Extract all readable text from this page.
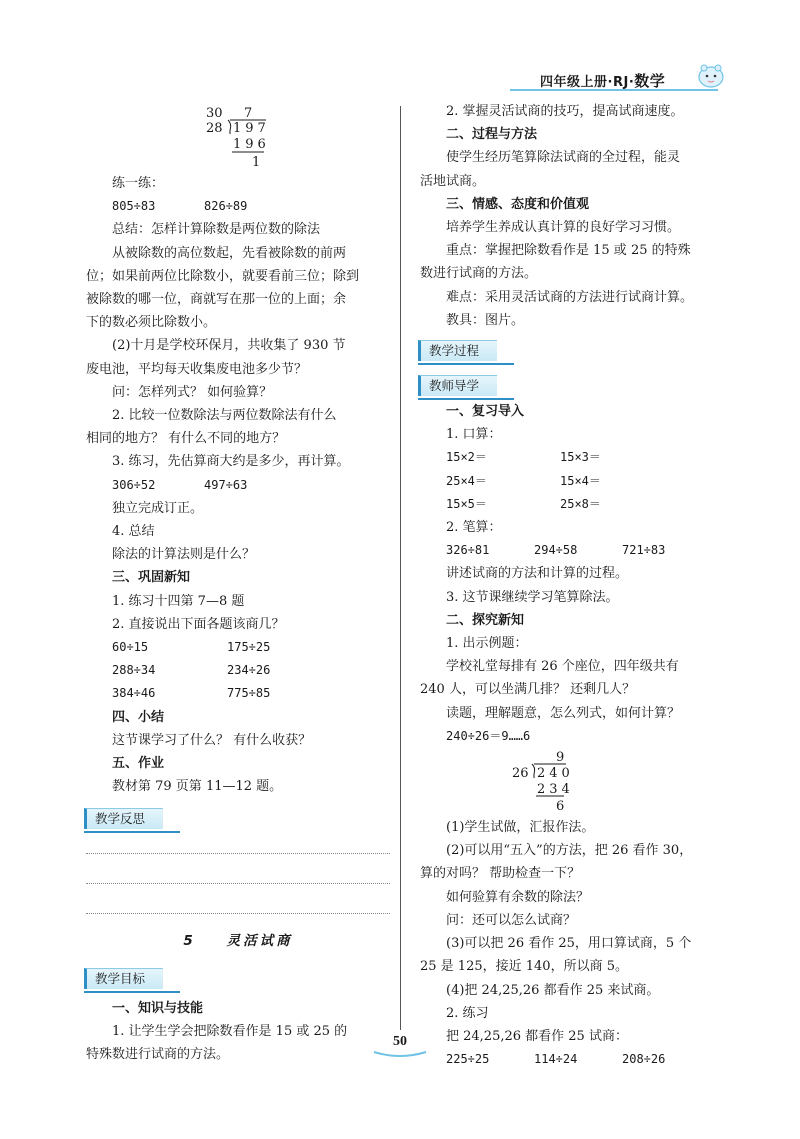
四年级上册·RJ·数学
30 7
28 197
196
1
练一练：
805÷83	826÷89
总结：怎样计算除数是两位数的除法
从被除数的高位数起，先看被除数的前两
位；如果前两位比除数小，就要看前三位；除到
被除数的哪一位，商就写在那一位的上面；余
下的数必须比除数小。
(2)十月是学校环保月，共收集了 930 节
废电池，平均每天收集废电池多少节？
问：怎样列式？ 如何验算？
2. 比较一位数除法与两位数除法有什么
相同的地方？ 有什么不同的地方？
3. 练习，先估算商大约是多少，再计算。
306÷52	497÷63
独立完成订正。
4. 总结
除法的计算法则是什么？
三、巩固新知
1. 练习十四第 7—8 题
2. 直接说出下面各题该商几？
60÷15	175÷25
288÷34	234÷26
384÷46	775÷85
四、小结
这节课学习了什么？ 有什么收获？
五、作业
教材第 79 页第 11—12 题。
教学反思
5 灵活试商
教学目标
一、知识与技能
1. 让学生学会把除数看作是 15 或 25 的
特殊数进行试商的方法。
2. 掌握灵活试商的技巧，提高试商速度。
二、过程与方法
使学生经历笔算除法试商的全过程，能灵
活地试商。
三、情感、态度和价值观
培养学生养成认真计算的良好学习习惯。
重点：掌握把除数看作是 15 或 25 的特殊
数进行试商的方法。
难点：采用灵活试商的方法进行试商计算。
教具：图片。
教学过程
教师导学
一、复习导入
1. 口算：
15×2＝	15×3＝
25×4＝	15×4＝
15×5＝	25×8＝
2. 笔算：
326÷81	294÷58	721÷83
讲述试商的方法和计算的过程。
3. 这节课继续学习笔算除法。
二、探究新知
1. 出示例题：
学校礼堂每排有 26 个座位，四年级共有
240 人，可以坐满几排？ 还剩几人？
读题，理解题意，怎么列式，如何计算？
240÷26＝9……6
9
26 240
234
6
(1)学生试做，汇报作法。
(2)可以用“五入”的方法，把 26 看作 30，
算的对吗？ 帮助检查一下？
如何验算有余数的除法？
问：还可以怎么试商？
(3)可以把 26 看作 25，用口算试商，5 个
25 是 125，接近 140，所以商 5。
(4)把 24,25,26 都看作 25 来试商。
2. 练习
把 24,25,26 都看作 25 试商：
225÷25	114÷24	208÷26
50
